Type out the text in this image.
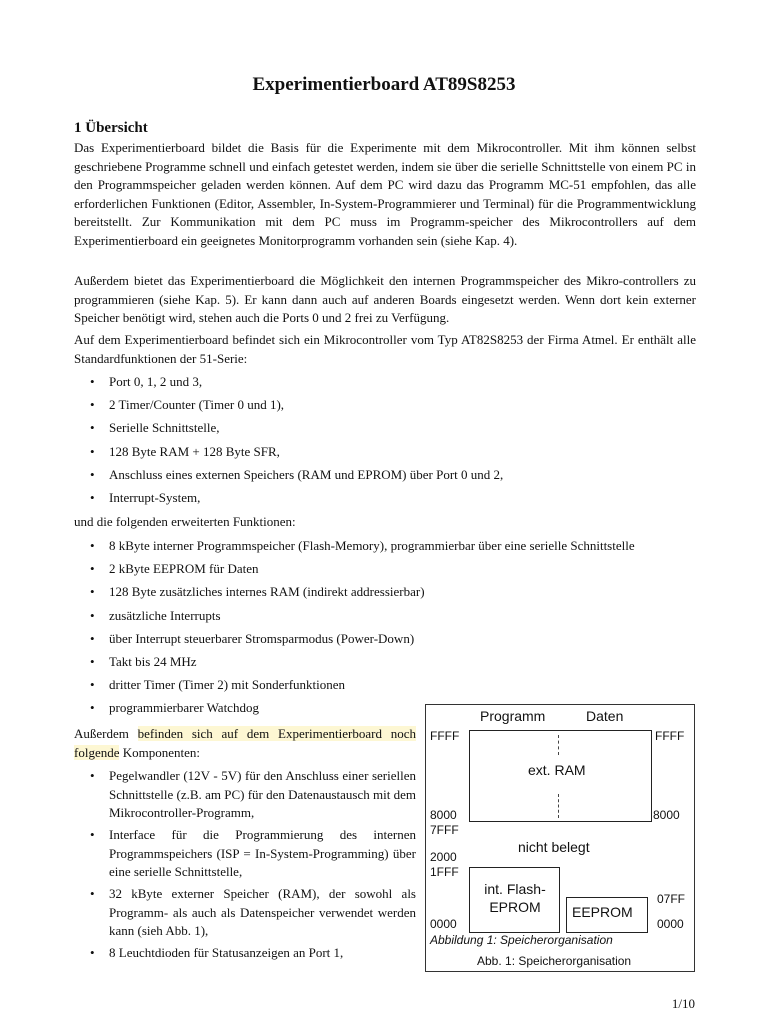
Experimentierboard AT89S8253
1 Übersicht

Das Experimentierboard bildet die Basis für die Experimente mit dem Mikrocontroller. Mit ihm können selbst geschriebene Programme schnell und einfach getestet werden, indem sie über die serielle Schnittstelle von einem PC in den Programmspeicher geladen werden können. Auf dem PC wird dazu das Programm MC-51 empfohlen, das alle erforderlichen Funktionen (Editor, Assembler, In-System-Programmierer und Terminal) für die Programmentwicklung bereitstellt. Zur Kommunikation mit dem PC muss im Programm-speicher des Mikrocontrollers auf dem Experimentierboard ein geeignetes Monitorprogramm vorhanden sein (siehe Kap. 4).

Außerdem bietet das Experimentierboard die Möglichkeit den internen Programmspeicher des Mikro-controllers zu programmieren (siehe Kap. 5). Er kann dann auch auf anderen Boards eingesetzt werden. Wenn dort kein externer Speicher benötigt wird, stehen auch die Ports 0 und 2 frei zu Verfügung.

Auf dem Experimentierboard befindet sich ein Mikrocontroller vom Typ AT82S8253 der Firma Atmel. Er enthält alle Standardfunktionen der 51-Serie:

• Port 0, 1, 2 und 3,
• 2 Timer/Counter (Timer 0 und 1),
• Serielle Schnittstelle,
• 128 Byte RAM + 128 Byte SFR,
• Anschluss eines externen Speichers (RAM und EPROM) über Port 0 und 2,
• Interrupt-System,

und die folgenden erweiterten Funktionen:

• 8 kByte interner Programmspeicher (Flash-Memory), programmierbar über eine serielle Schnittstelle
• 2 kByte EEPROM für Daten
• 128 Byte zusätzliches internes RAM (indirekt addressierbar)
• zusätzliche Interrupts
• über Interrupt steuerbarer Stromsparmodus (Power-Down)
• Takt bis 24 MHz
• dritter Timer (Timer 2) mit Sonderfunktionen
• programmierbarer Watchdog

Außerdem befinden sich auf dem Experimentierboard noch folgende Komponenten:

• Pegelwandler (12V - 5V) für den Anschluss einer seriellen Schnittstelle (z.B. am PC) für den Datenaustausch mit dem Mikrocontroller-Programm,
• Interface für die Programmierung des internen Programmspeichers (ISP = In-System-Programming) über eine serielle Schnittstelle,
• 32 kByte externer Speicher (RAM), der sowohl als Programm- als auch als Datenspeicher verwendet werden kann (sieh Abb. 1),
• 8 Leuchtdioden für Statusanzeigen an Port 1,
Programm	Daten
FFFF	FFFF
ext. RAM
8000	8000
7FFF
nicht belegt
2000
1FFF
int. Flash-
EPROM	EEPROM
07FF
0000	0000
Abbildung 1: Speicherorganisation
Abb. 1: Speicherorganisation
1/10
